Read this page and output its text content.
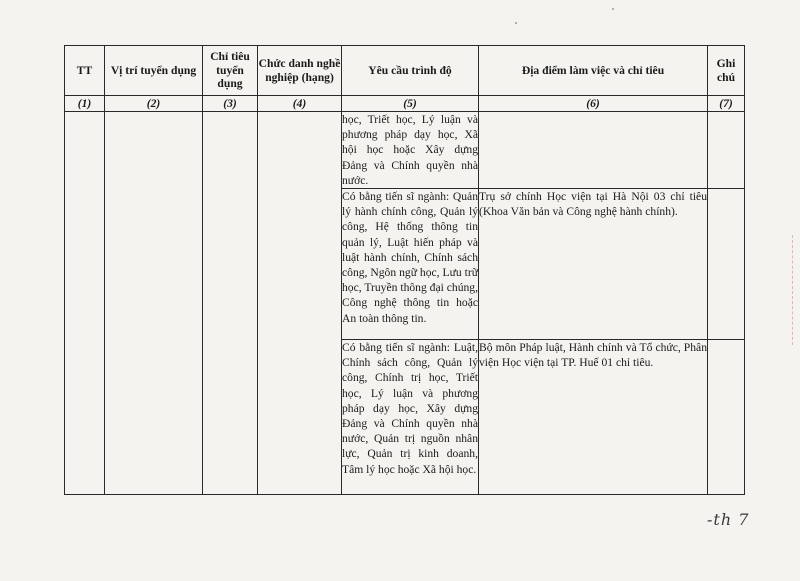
TT	Vị trí tuyển dụng	Chỉ tiêu tuyển dụng	Chức danh nghề nghiệp (hạng)	Yêu cầu trình độ	Địa điểm làm việc và chỉ tiêu	Ghi chú
(1)	(2)	(3)	(4)	(5)	(6)	(7)

				học, Triết học, Lý luận và phương pháp dạy học, Xã hội học hoặc Xây dựng Đảng và Chính quyền nhà nước.		

				Có bằng tiến sĩ ngành: Quản lý hành chính công, Quản lý công, Hệ thống thông tin quản lý, Luật hiến pháp và luật hành chính, Chính sách công, Ngôn ngữ học, Lưu trữ học, Truyền thông đại chúng, Công nghệ thông tin hoặc An toàn thông tin.	Trụ sở chính Học viện tại Hà Nội 03 chỉ tiêu (Khoa Văn bản và Công nghệ hành chính).	

				Có bằng tiến sĩ ngành: Luật, Chính sách công, Quản lý công, Chính trị học, Triết học, Lý luận và phương pháp dạy học, Xây dựng Đảng và Chính quyền nhà nước, Quản trị nguồn nhân lực, Quản trị kinh doanh, Tâm lý học hoặc Xã hội học.	Bộ môn Pháp luật, Hành chính và Tổ chức, Phân viện Học viện tại TP. Huế 01 chỉ tiêu.	

-th 7
